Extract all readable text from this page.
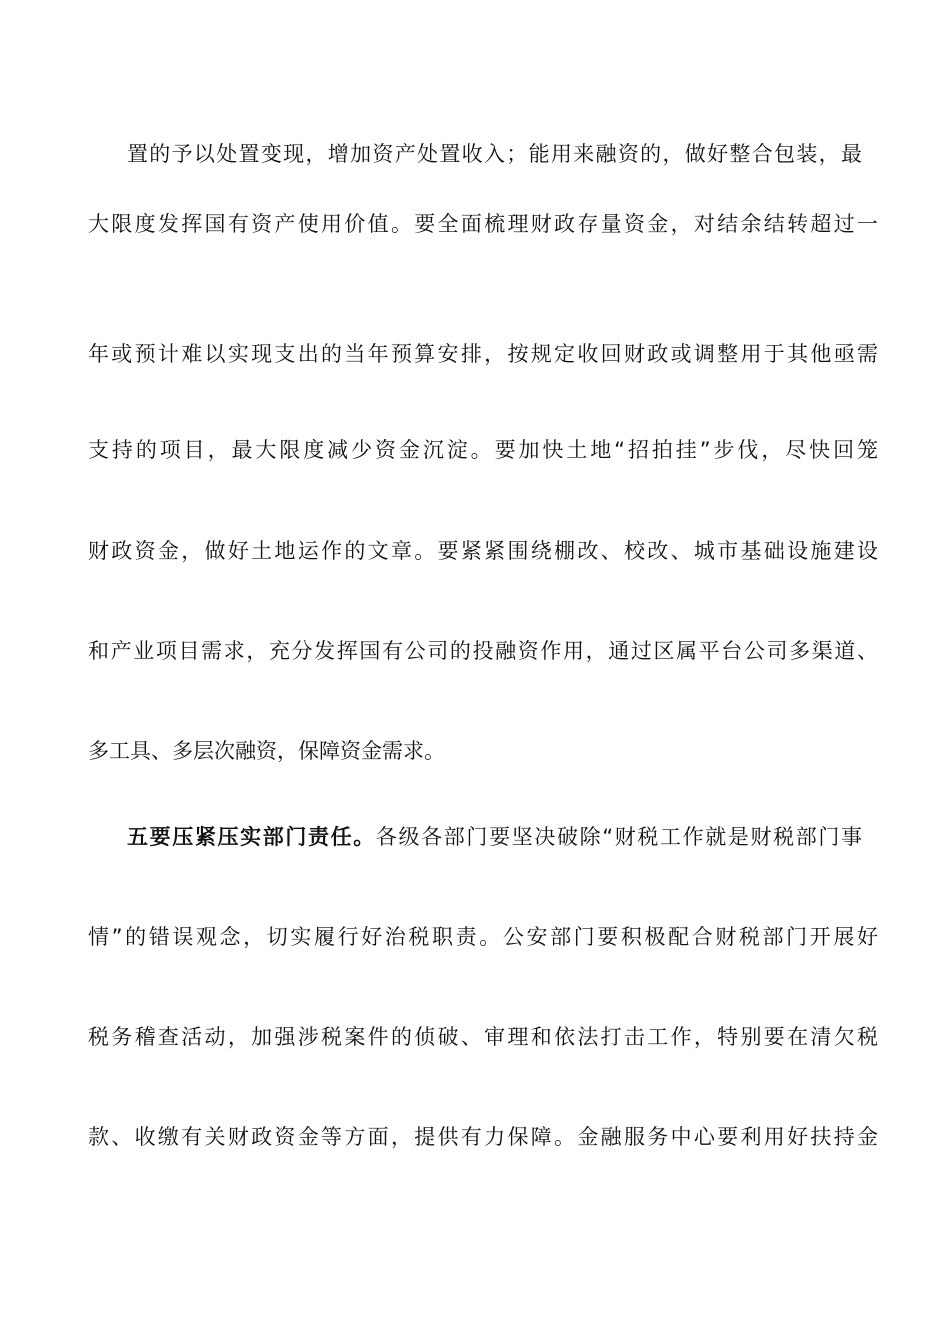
置的予以处置变现，增加资产处置收入；能用来融资的，做好整合包装，最
大限度发挥国有资产使用价值。要全面梳理财政存量资金，对结余结转超过一
年或预计难以实现支出的当年预算安排，按规定收回财政或调整用于其他亟需
支持的项目，最大限度减少资金沉淀。要加快土地“招拍挂”步伐，尽快回笼
财政资金，做好土地运作的文章。要紧紧围绕棚改、校改、城市基础设施建设
和产业项目需求，充分发挥国有公司的投融资作用，通过区属平台公司多渠道、
多工具、多层次融资，保障资金需求。
五要压紧压实部门责任。各级各部门要坚决破除“财税工作就是财税部门事
情”的错误观念，切实履行好治税职责。公安部门要积极配合财税部门开展好
税务稽查活动，加强涉税案件的侦破、审理和依法打击工作，特别要在清欠税
款、收缴有关财政资金等方面，提供有力保障。金融服务中心要利用好扶持金
